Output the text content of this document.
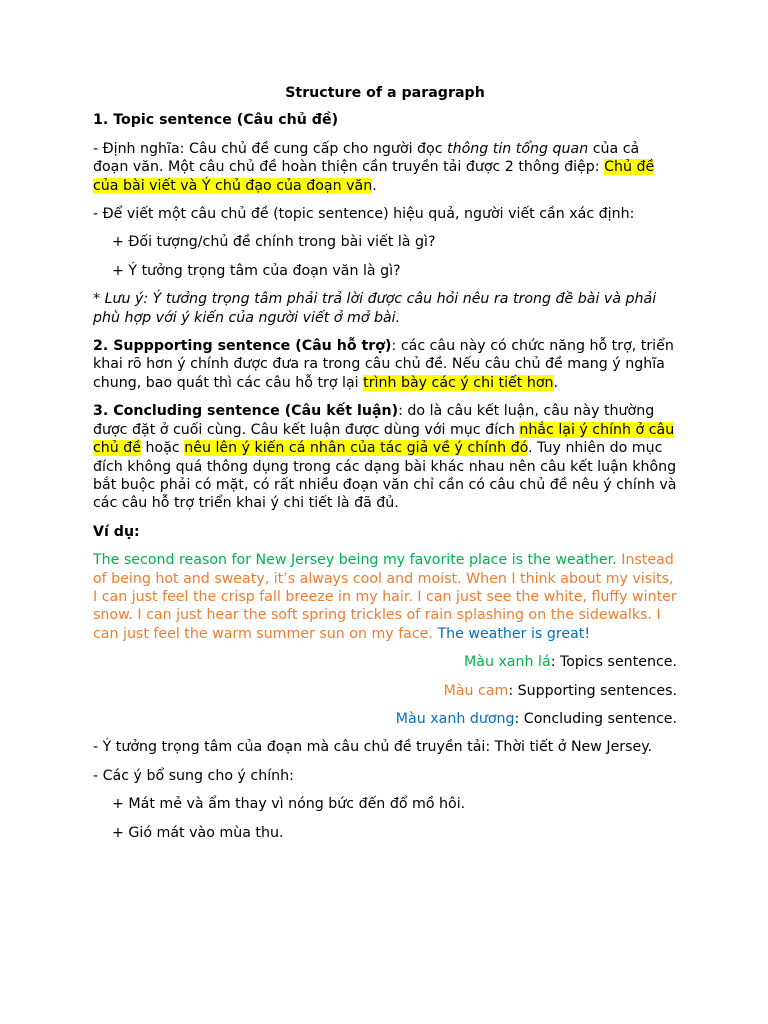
Structure of a paragraph

1. Topic sentence (Câu chủ đề)

- Định nghĩa: Câu chủ đề cung cấp cho người đọc thông tin tổng quan của cả đoạn văn. Một câu chủ đề hoàn thiện cần truyền tải được 2 thông điệp: Chủ đề của bài viết và Ý chủ đạo của đoạn văn.

- Để viết một câu chủ đề (topic sentence) hiệu quả, người viết cần xác định:

+ Đối tượng/chủ đề chính trong bài viết là gì?

+ Ý tưởng trọng tâm của đoạn văn là gì?

* Lưu ý: Ý tưởng trọng tâm phải trả lời được câu hỏi nêu ra trong đề bài và phải phù hợp với ý kiến của người viết ở mở bài.

2. Suppporting sentence (Câu hỗ trợ): các câu này có chức năng hỗ trợ, triển khai rõ hơn ý chính được đưa ra trong câu chủ đề. Nếu câu chủ đề mang ý nghĩa chung, bao quát thì các câu hỗ trợ lại trình bày các ý chi tiết hơn.

3. Concluding sentence (Câu kết luận): do là câu kết luận, câu này thường được đặt ở cuối cùng. Câu kết luận được dùng với mục đích nhắc lại ý chính ở câu chủ đề hoặc nêu lên ý kiến cá nhân của tác giả về ý chính đó. Tuy nhiên do mục đích không quá thông dụng trong các dạng bài khác nhau nên câu kết luận không bắt buộc phải có mặt, có rất nhiều đoạn văn chỉ cần có câu chủ đề nêu ý chính và các câu hỗ trợ triển khai ý chi tiết là đã đủ.

Ví dụ:

The second reason for New Jersey being my favorite place is the weather. Instead of being hot and sweaty, it’s always cool and moist. When I think about my visits, I can just feel the crisp fall breeze in my hair. I can just see the white, fluffy winter snow. I can just hear the soft spring trickles of rain splashing on the sidewalks. I can just feel the warm summer sun on my face. The weather is great!

Màu xanh lá: Topics sentence.

Màu cam: Supporting sentences.

Màu xanh dương: Concluding sentence.

- Ý tưởng trọng tâm của đoạn mà câu chủ đề truyền tải: Thời tiết ở New Jersey.

- Các ý bổ sung cho ý chính:

+ Mát mẻ và ẩm thay vì nóng bức đến đổ mồ hôi.

+ Gió mát vào mùa thu.
